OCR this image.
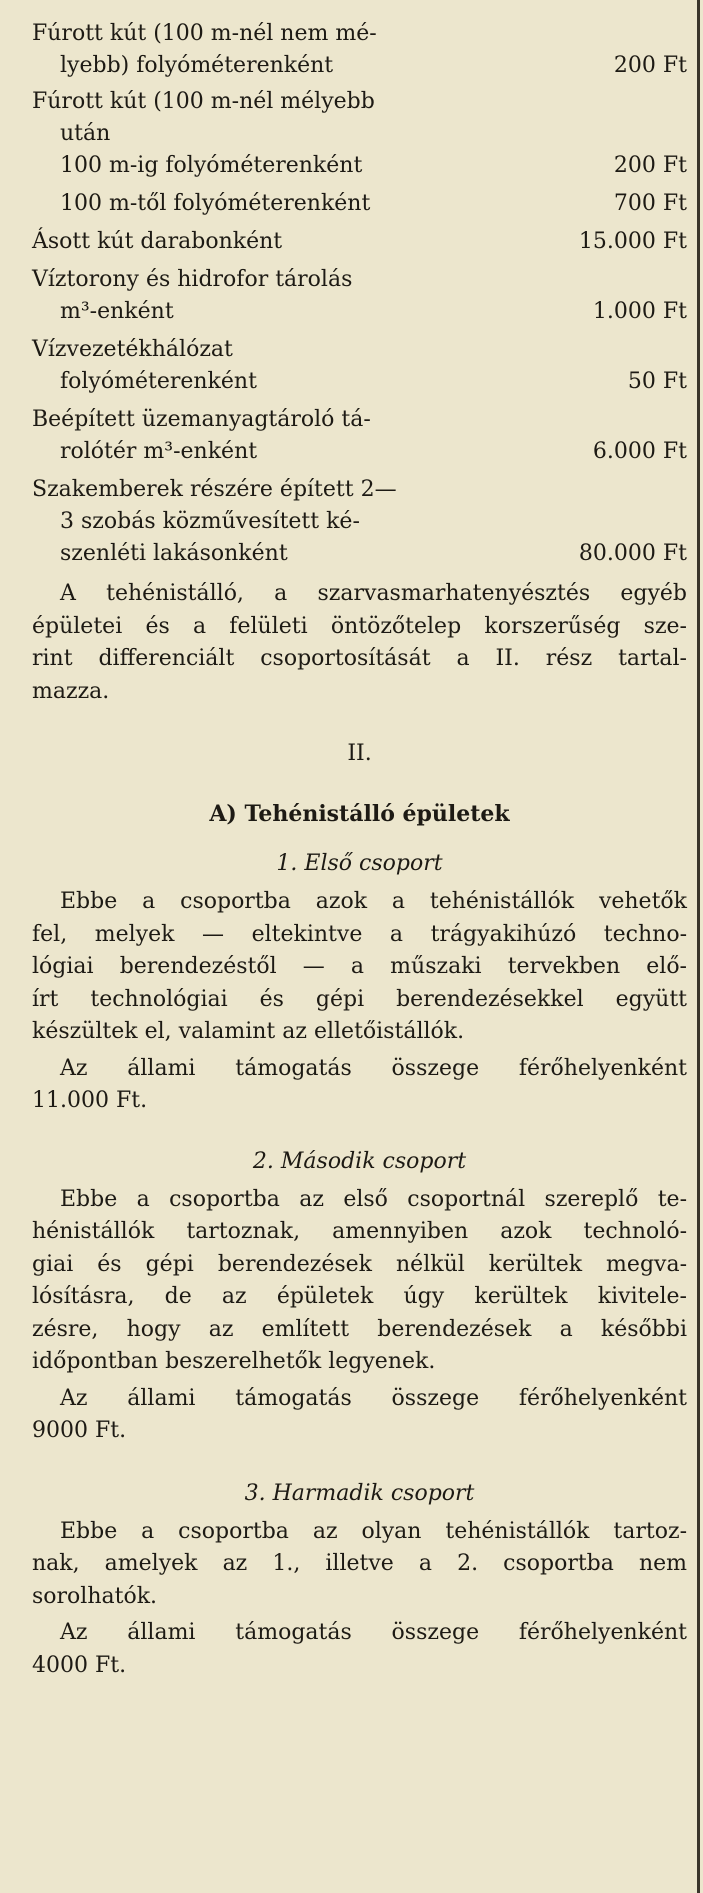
Fúrott kút (100 m-nél nem mé-
lyebb) folyóméterenként	200 Ft
Fúrott kút (100 m-nél mélyebb
után
100 m-ig folyóméterenként	200 Ft
100 m-től folyóméterenként	700 Ft
Ásott kút darabonként	15.000 Ft
Víztorony és hidrofor tárolás
m³-enként	1.000 Ft
Vízvezetékhálózat
folyóméterenként	50 Ft
Beépített üzemanyagtároló tá-
rolótér m³-enként	6.000 Ft
Szakemberek részére épített 2—
3 szobás közművesített ké-
szenléti lakásonként	80.000 Ft

A tehénistálló, a szarvasmarhatenyésztés egyéb
épületei és a felületi öntözőtelep korszerűség sze-
rint differenciált csoportosítását a II. rész tartal-
mazza.

II.
A) Tehénistálló épületek
1. Első csoport

Ebbe a csoportba azok a tehénistállók vehetők
fel, melyek — eltekintve a trágyakihúzó techno-
lógiai berendezéstől — a műszaki tervekben elő-
írt technológiai és gépi berendezésekkel együtt
készültek el, valamint az elletőistállók.

Az állami támogatás összege férőhelyenként
11.000 Ft.

2. Második csoport

Ebbe a csoportba az első csoportnál szereplő te-
hénistállók tartoznak, amennyiben azok technoló-
giai és gépi berendezések nélkül kerültek megva-
lósításra, de az épületek úgy kerültek kivitele-
zésre, hogy az említett berendezések a későbbi
időpontban beszerelhetők legyenek.

Az állami támogatás összege férőhelyenként
9000 Ft.

3. Harmadik csoport

Ebbe a csoportba az olyan tehénistállók tartoz-
nak, amelyek az 1., illetve a 2. csoportba nem
sorolhatók.

Az állami támogatás összege férőhelyenként
4000 Ft.
